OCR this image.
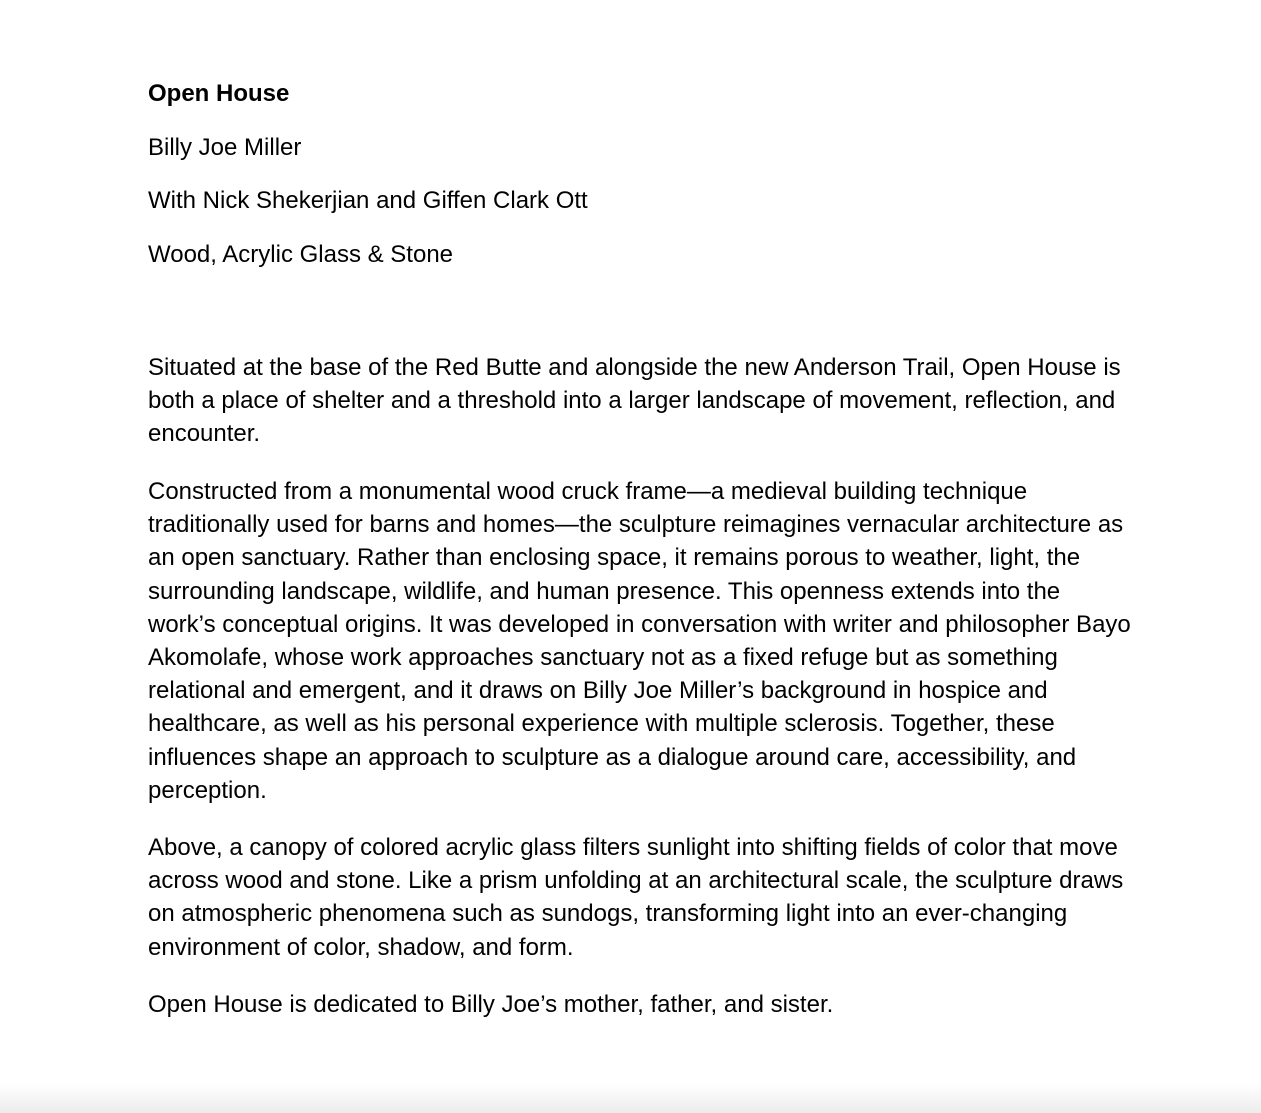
Open House

Billy Joe Miller

With Nick Shekerjian and Giffen Clark Ott

Wood, Acrylic Glass & Stone

Situated at the base of the Red Butte and alongside the new Anderson Trail, Open House is both a place of shelter and a threshold into a larger landscape of movement, reflection, and encounter.

Constructed from a monumental wood cruck frame—a medieval building technique traditionally used for barns and homes—the sculpture reimagines vernacular architecture as an open sanctuary. Rather than enclosing space, it remains porous to weather, light, the surrounding landscape, wildlife, and human presence. This openness extends into the work’s conceptual origins. It was developed in conversation with writer and philosopher Bayo Akomolafe, whose work approaches sanctuary not as a fixed refuge but as something relational and emergent, and it draws on Billy Joe Miller’s background in hospice and healthcare, as well as his personal experience with multiple sclerosis. Together, these influences shape an approach to sculpture as a dialogue around care, accessibility, and perception.

Above, a canopy of colored acrylic glass filters sunlight into shifting fields of color that move across wood and stone. Like a prism unfolding at an architectural scale, the sculpture draws on atmospheric phenomena such as sundogs, transforming light into an ever-changing environment of color, shadow, and form.

Open House is dedicated to Billy Joe’s mother, father, and sister.
